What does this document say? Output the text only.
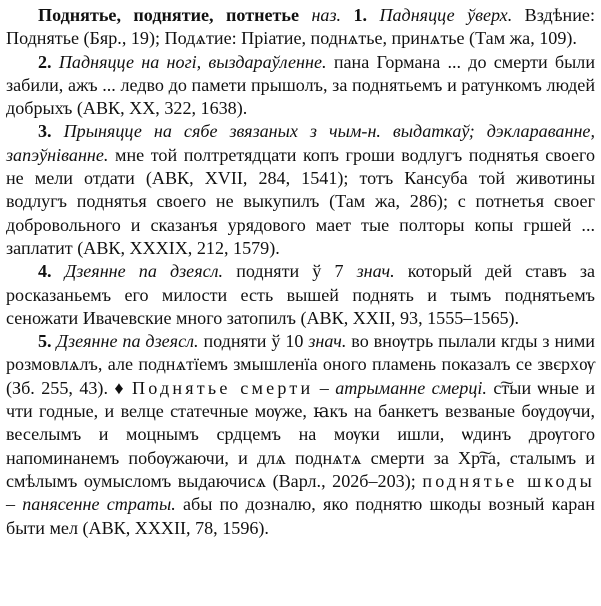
Поднятье, поднятие, потнетье наз. 1. Падняцце ўверх. Вздѣние: Поднятье (Бяр., 19); Подѧтие: Пріатие, поднѧтье, принѧтье (Там жа, 109).

2. Падняцце на ногі, выздараўленне. пана Гормана ... до смерти были забили, ажъ ... ледво до памети прышолъ, за поднятьемъ и ратункомъ людей добрыхъ (АВК, XX, 322, 1638).

3. Прыняцце на сябе звязаных з чым-н. выдаткаў; дэклараванне, запэўніванне. мне той полтретядцати копъ гроши водлугъ поднятья своего не мели отдати (АВК, XVII, 284, 1541); тотъ Кансуба той животины водлугъ поднятья своего не выкупилъ (Там жа, 286); с потнетья своег добровольного и сказанъя урядового мает тые полторы копы гршей ... заплатит (АВК, XXXIX, 212, 1579).

4. Дзеянне па дзеясл. подняти ў 7 знач. который дей ставъ за росказаньемъ его милости есть вышей поднять и тымъ поднятьемъ сеножати Ивачевские много затопилъ (АВК, XXII, 93, 1555–1565).

5. Дзеянне па дзеясл. подняти ў 10 знач. во внѹтрь пылали кгды з ними розмовлѧлъ, але поднѧтїемъ змышленїа оного пламень показалъ се звєрхѹ (Зб. 255, 43). ♦ Поднятье смерти – атрыманне смерці. с͠тыи ѡные и чти годные, и велце статечные мѹже, ꙗкъ на банкетъ везваные бѹдѹчи, веселымъ и моцнымъ срдцемъ на мѹки ишли, ѡдинъ дрѹгого напоминанемъ побѹжаючи, и длѧ поднѧтѧ смерти за Хр͠та, сталымъ и смѣлымъ оумысломъ выдаючисѧ (Варл., 202б–203); поднятье шкоды – панясенне страты. абы по дозналю, яко поднятю шкоды возный каран быти мел (АВК, XXXII, 78, 1596).
